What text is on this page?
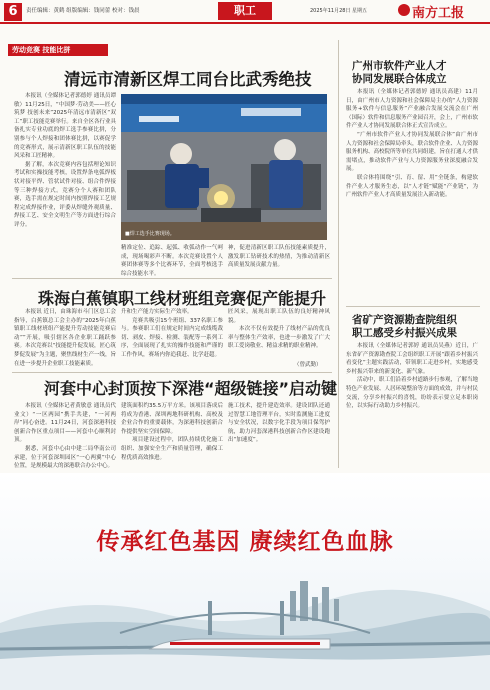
6	责任编辑：黄鹤 组版编辑：钱同蕾 校对：钱晨	职工	2025年11月28日 星期五	南方工报
劳动竞赛 技能比拼
清远市清新区焊工同台比武秀绝技

本报讯（全媒体记者郭德婷 通讯员谭敏）11月25日，“中国梦·劳动美——匠心筑梦 技创未来”2025年清远市清新区“双工”职工技能竞赛举行。来自全区各行业具备扎实专业功底的焊工选手参赛比拼，分别参与个人焊接和团体赛比拼，以赛促学的竞赛形式，展示清新区职工队伍的技能风采和工匠精神。

据了解，本次竞赛内容包括理论知识考试和实操技能考核，设置焊条电弧焊板状对接平焊、管状试件对接、组合件焊接等三种焊接方式。竞赛分个人赛和团队赛，选手需在规定时间内按照焊接工艺规程完成焊接作业，评委从焊缝外观质量、焊接工艺、安全文明生产等方面进行综合评分。

■焊工选手比赛现场。

精准定位、追踪、起弧、收弧动作一气呵成，现场喝彩声不断。本次竞赛设置个人赛团体赛等多个比赛环节，全面考核选手综合技能水平。

神，促进清新区职工队伍技能素质提升，激发职工钻研技术的热情，为推动清新区高质量发展贡献力量。

珠海白蕉镇职工线材班组竞赛促产能提升

本报讯 近日，由珠海市斗门区总工会指导，白蕉镇总工会主办的“2025年白蕉镇职工线材班组产能提升劳动技能竞赛启动””开展，吸引辖区各企业职工踊跃参赛。本次竞赛以“技能提升促发展，匠心筑梦促发展”为主题，聚焦线材生产一线，旨在进一步提升企业职工技能素质。

升和生产能力实际生产效率。

竞赛共吸引15个班组、337名职工参与。参赛职工们在规定时间内完成线缆裁切、剥皮、焊接、检测、装配等一系列工序，全面展现了扎实的操作技能和严谨的工作作风，赛场内你追我赶、比学赶超。

匠风采，展现出职工队伍的良好精神风貌。

本次不仅有效提升了线材产品的优良率与整体生产效率，也进一步激发了广大职工爱岗敬业、精益求精的职业精神。

（曾武勤）
河套中心封顶按下深港“超级链接”启动键

本报讯（全媒体记者黄敏意 通讯员代业文）“一区两园”携手共建，“一河两岸”同心奋进。11月24日，河套深港科技创新合作区重点项目——河套中心顺利封顶。

据悉，河套中心由中建二局华南公司承建，位于河套深圳园区“一心两翼”中心位置，是规模最大的深港联合办公中心。

建筑面积约35.5万平方米。该项目落成后将成为香港、深圳两地科研机构、高校及企业合作的重要载体，为深港科技创新合作提供坚实空间保障。

项目建设过程中，团队持续优化施工组织、加强安全生产和质量管理，确保工程优质高效推进。

施工技术，提升建造效率。建设团队还通过智慧工地管理平台，实时监测施工进度与安全状况，以数字化手段为项目保驾护航，助力河套深港科技创新合作区建设跑出“加速度”。

广州市软件产业人才
协同发展联合体成立

本报讯（全媒体记者郭德婷 通讯员高建）11月日，由广州市人力资源和社会保障局主办的“人力资源服务+软件与信息服务”产业融合发展交流会在广州（国际）软件和信息服务产业园召开，会上，广州市软件产业人才协同发展联合体正式宣告成立。

“广州市软件产业人才协同发展联合体”由广州市人力资源和社会保障局牵头，联合软件企业、人力资源服务机构、高校院所等单位共同组建，旨在打通人才供需堵点，推动软件产业与人力资源服务业深度融合发展。

联合体将围绕“引、育、留、用”全链条，构建软件产业人才服务生态，以“人才链”赋能“产业链”，为广州软件产业人才高质量发展注入新动能。

省矿产资源勘查院组织
职工感受乡村振兴成果

本报讯（全媒体记者郭婷 通讯员吴燕）近日，广东省矿产资源勘查院工会组织职工开展“跟着乡村振兴看变化”主题实践活动，带领职工走进乡村，实地感受乡村振兴带来的新变化、新气象。

活动中，职工们沿着乡村道路步行参观，了解当地特色产业发展、人居环境整治等方面的成效，并与村民交流，分享乡村振兴的喜悦，纷纷表示要立足本职岗位，以实际行动助力乡村振兴。

传承红色基因 赓续红色血脉
